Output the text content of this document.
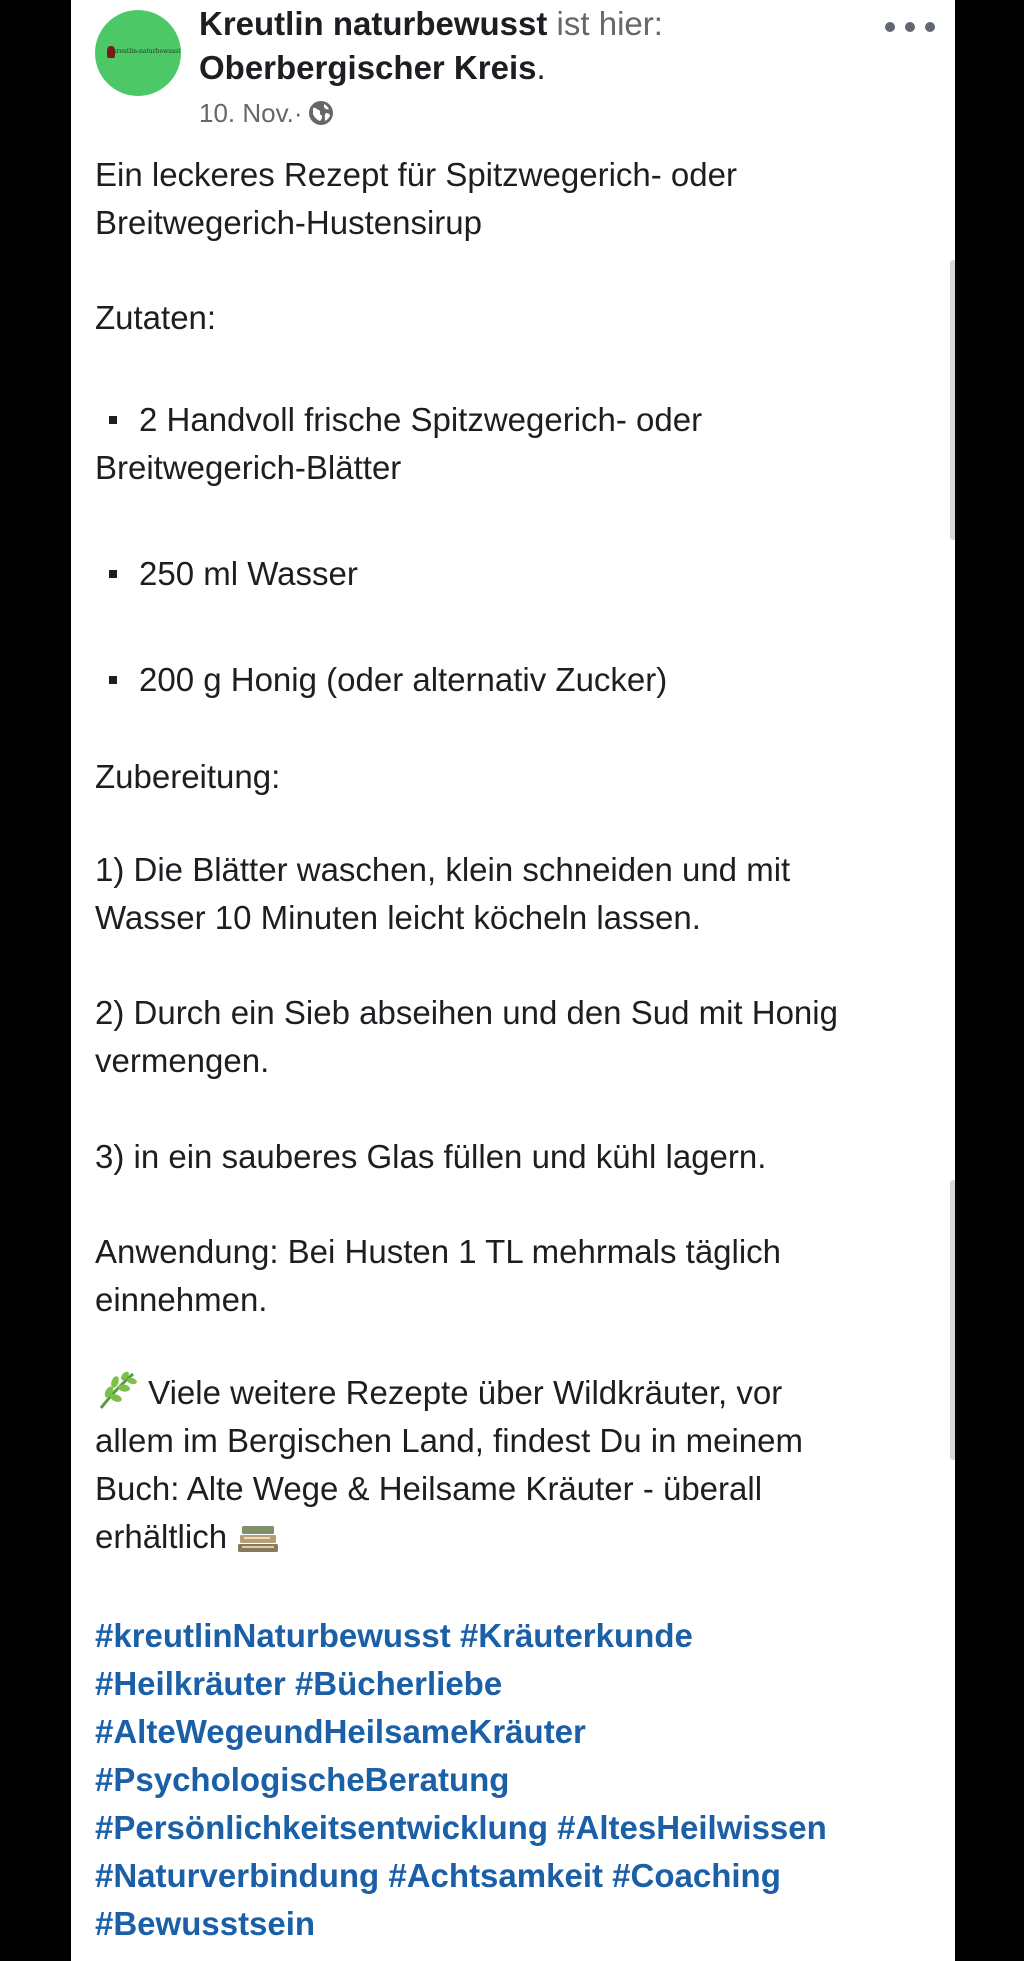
kreutlin-naturbewusst
Kreutlin naturbewusst ist hier:
Oberbergischer Kreis.
10. Nov. ·
Ein leckeres Rezept für Spitzwegerich- oder
Breitwegerich-Hustensirup
Zutaten:
2 Handvoll frische Spitzwegerich- oder
Breitwegerich-Blätter
250 ml Wasser
200 g Honig (oder alternativ Zucker)
Zubereitung:
1) Die Blätter waschen, klein schneiden und mit
Wasser 10 Minuten leicht köcheln lassen.
2) Durch ein Sieb abseihen und den Sud mit Honig
vermengen.
3) in ein sauberes Glas füllen und kühl lagern.
Anwendung: Bei Husten 1 TL mehrmals täglich
einnehmen.
Viele weitere Rezepte über Wildkräuter, vor
allem im Bergischen Land, findest Du in meinem
Buch: Alte Wege & Heilsame Kräuter - überall
erhältlich
#kreutlinNaturbewusst #Kräuterkunde
#Heilkräuter #Bücherliebe
#AlteWegeundHeilsameKräuter
#PsychologischeBeratung
#Persönlichkeitsentwicklung #AltesHeilwissen
#Naturverbindung #Achtsamkeit #Coaching
#Bewusstsein
